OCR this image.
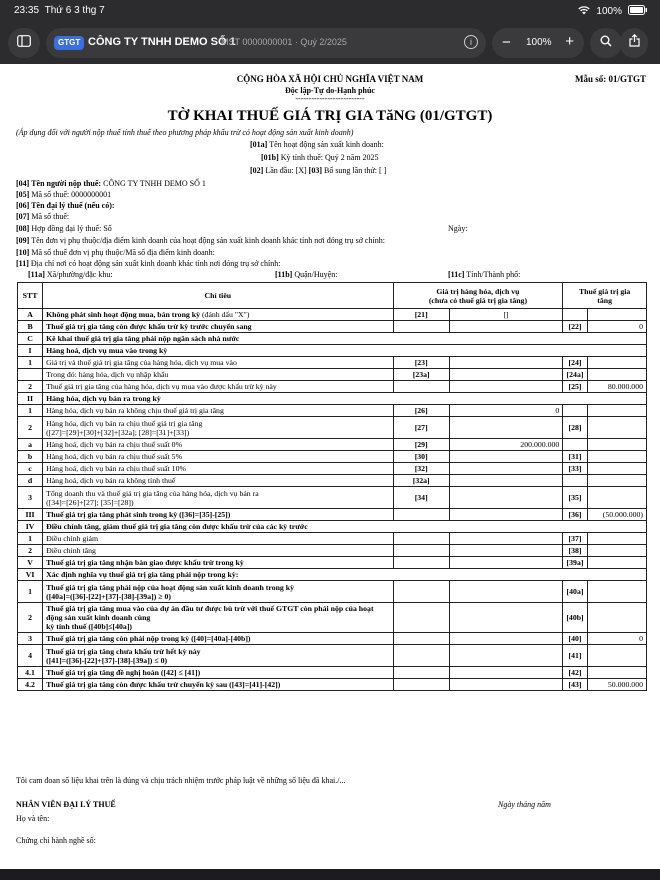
23:35 Thứ 6 3 thg 7	100%
GTGT CÔNG TY TNHH DEMO SỐ 1
MST 0000000001 · Quý 2/2025	i	− 100% +
CỘNG HÒA XÃ HỘI CHỦ NGHĨA VIỆT NAM
Độc lập-Tự do-Hạnh phúc
--------------------------
Mẫu số: 01/GTGT
TỜ KHAI THUẾ GIÁ TRỊ GIA TăNG (01/GTGT)
(Áp dụng đối với người nộp thuế tính thuế theo phương pháp khấu trừ có hoạt động sản xuất kinh doanh)
[01a] Tên hoạt động sản xuất kinh doanh:
[01b] Kỳ tính thuế: Quý 2 năm 2025
[02] Lần đầu: [X] [03] Bổ sung lần thứ: [ ]
[04] Tên người nộp thuế: CÔNG TY TNHH DEMO SỐ 1
[05] Mã số thuế: 0000000001
[06] Tên đại lý thuế (nếu có):
[07] Mã số thuế:
[08] Hợp đồng đại lý thuế: Số	Ngày:
[09] Tên đơn vị phụ thuộc/địa điểm kinh doanh của hoạt động sản xuất kinh doanh khác tỉnh nơi đóng trụ sở chính:
[10] Mã số thuế đơn vị phụ thuộc/Mã số địa điểm kinh doanh:
[11] Địa chỉ nơi có hoạt động sản xuất kinh doanh khác tỉnh nơi đóng trụ sở chính:
[11a] Xã/phường/đặc khu:	[11b] Quận/Huyện:	[11c] Tỉnh/Thành phố:
STT	Chỉ tiêu	Giá trị hàng hóa, dịch vụ
(chưa có thuế giá trị gia tăng)		Thuế giá trị gia
tăng	
A	Không phát sinh hoạt động mua, bán trong kỳ (đánh dấu "X")	[21]	[]		
B	Thuế giá trị gia tăng còn được khấu trừ kỳ trước chuyển sang			[22]	0
C	Kê khai thuế giá trị gia tăng phải nộp ngân sách nhà nước				
I	Hàng hoá, dịch vụ mua vào trong kỳ				
1	Giá trị và thuế giá trị gia tăng của hàng hóa, dịch vụ mua vào	[23]		[24]	
	Trong đó: hàng hóa, dịch vụ nhập khẩu	[23a]		[24a]	
2	Thuế giá trị gia tăng của hàng hóa, dịch vụ mua vào được khấu trừ kỳ này			[25]	80.000.000
II	Hàng hóa, dịch vụ bán ra trong kỳ				
1	Hàng hóa, dịch vụ bán ra không chịu thuế giá trị gia tăng	[26]	0		
2	Hàng hóa, dịch vụ bán ra chịu thuế giá trị gia tăng
([27]=[29]+[30]+[32]+[32a]; [28]=[31]+[33])	[27]		[28]	
a	Hàng hoá, dịch vụ bán ra chịu thuế suất 0%	[29]	200.000.000		
b	Hàng hoá, dịch vụ bán ra chịu thuế suất 5%	[30]		[31]	
c	Hàng hoá, dịch vụ bán ra chịu thuế suất 10%	[32]		[33]	
d	Hàng hoá, dịch vụ bán ra không tính thuế	[32a]			
3	Tổng doanh thu và thuế giá trị gia tăng của hàng hóa, dịch vụ bán ra
([34]=[26]+[27]; [35]=[28])	[34]		[35]	
III	Thuế giá trị gia tăng phát sinh trong kỳ ([36]=[35]-[25])			[36]	(50.000.000)
IV	Điều chỉnh tăng, giảm thuế giá trị gia tăng còn được khấu trừ của các kỳ trước				
1	Điều chỉnh giảm			[37]	
2	Điều chỉnh tăng			[38]	
V	Thuế giá trị gia tăng nhận bàn giao được khấu trừ trong kỳ			[39a]	
VI	Xác định nghĩa vụ thuế giá trị gia tăng phải nộp trong kỳ:				
1	Thuế giá trị gia tăng phải nộp của hoạt động sản xuất kinh doanh trong kỳ
([40a]=([36]-[22]+[37]-[38]-[39a]) ≥ 0)			[40a]	
2	Thuế giá trị gia tăng mua vào của dự án đầu tư được bù trừ với thuế GTGT còn phải nộp của hoạt động sản xuất kinh doanh cùng
kỳ tính thuế ([40b]≤[40a])			[40b]	
3	Thuế giá trị gia tăng còn phải nộp trong kỳ ([40]=[40a]-[40b])			[40]	0
4	Thuế giá trị gia tăng chưa khấu trừ hết kỳ này
([41]=([36]-[22]+[37]-[38]-[39a]) ≤ 0)			[41]	
4.1	Thuế giá trị gia tăng đề nghị hoàn ([42] ≤ [41])			[42]	
4.2	Thuế giá trị gia tăng còn được khấu trừ chuyển kỳ sau ([43]=[41]-[42])			[43]	50.000.000
Tôi cam đoan số liệu khai trên là đúng và chịu trách nhiệm trước pháp luật về những số liệu đã khai./...
NHÂN VIÊN ĐẠI LÝ THUẾ	Ngày tháng năm
Họ và tên:
Chứng chỉ hành nghề số:
